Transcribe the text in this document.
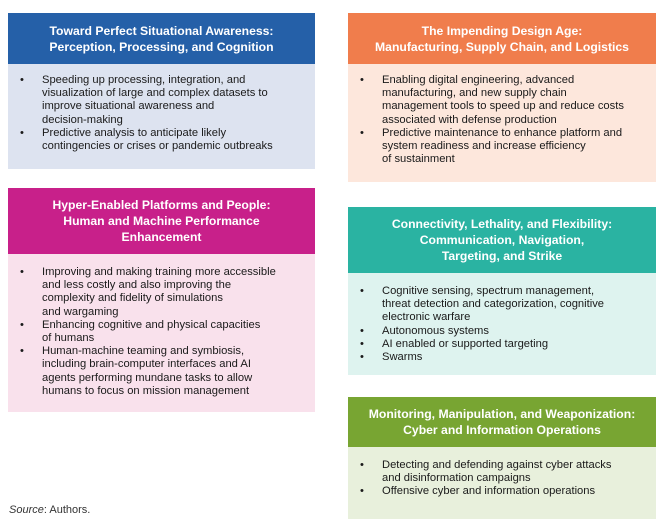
Toward Perfect Situational Awareness:
Perception, Processing, and Cognition
• Speeding up processing, integration, and
visualization of large and complex datasets to
improve situational awareness and
decision-making
• Predictive analysis to anticipate likely
contingencies or crises or pandemic outbreaks
The Impending Design Age:
Manufacturing, Supply Chain, and Logistics
• Enabling digital engineering, advanced
manufacturing, and new supply chain
management tools to speed up and reduce costs
associated with defense production
• Predictive maintenance to enhance platform and
system readiness and increase efficiency
of sustainment
Hyper-Enabled Platforms and People:
Human and Machine Performance
Enhancement
• Improving and making training more accessible
and less costly and also improving the
complexity and fidelity of simulations
and wargaming
• Enhancing cognitive and physical capacities
of humans
• Human-machine teaming and symbiosis,
including brain-computer interfaces and AI
agents performing mundane tasks to allow
humans to focus on mission management
Connectivity, Lethality, and Flexibility:
Communication, Navigation,
Targeting, and Strike
• Cognitive sensing, spectrum management,
threat detection and categorization, cognitive
electronic warfare
• Autonomous systems
• AI enabled or supported targeting
• Swarms
Monitoring, Manipulation, and Weaponization:
Cyber and Information Operations
• Detecting and defending against cyber attacks
and disinformation campaigns
• Offensive cyber and information operations
Source: Authors.
